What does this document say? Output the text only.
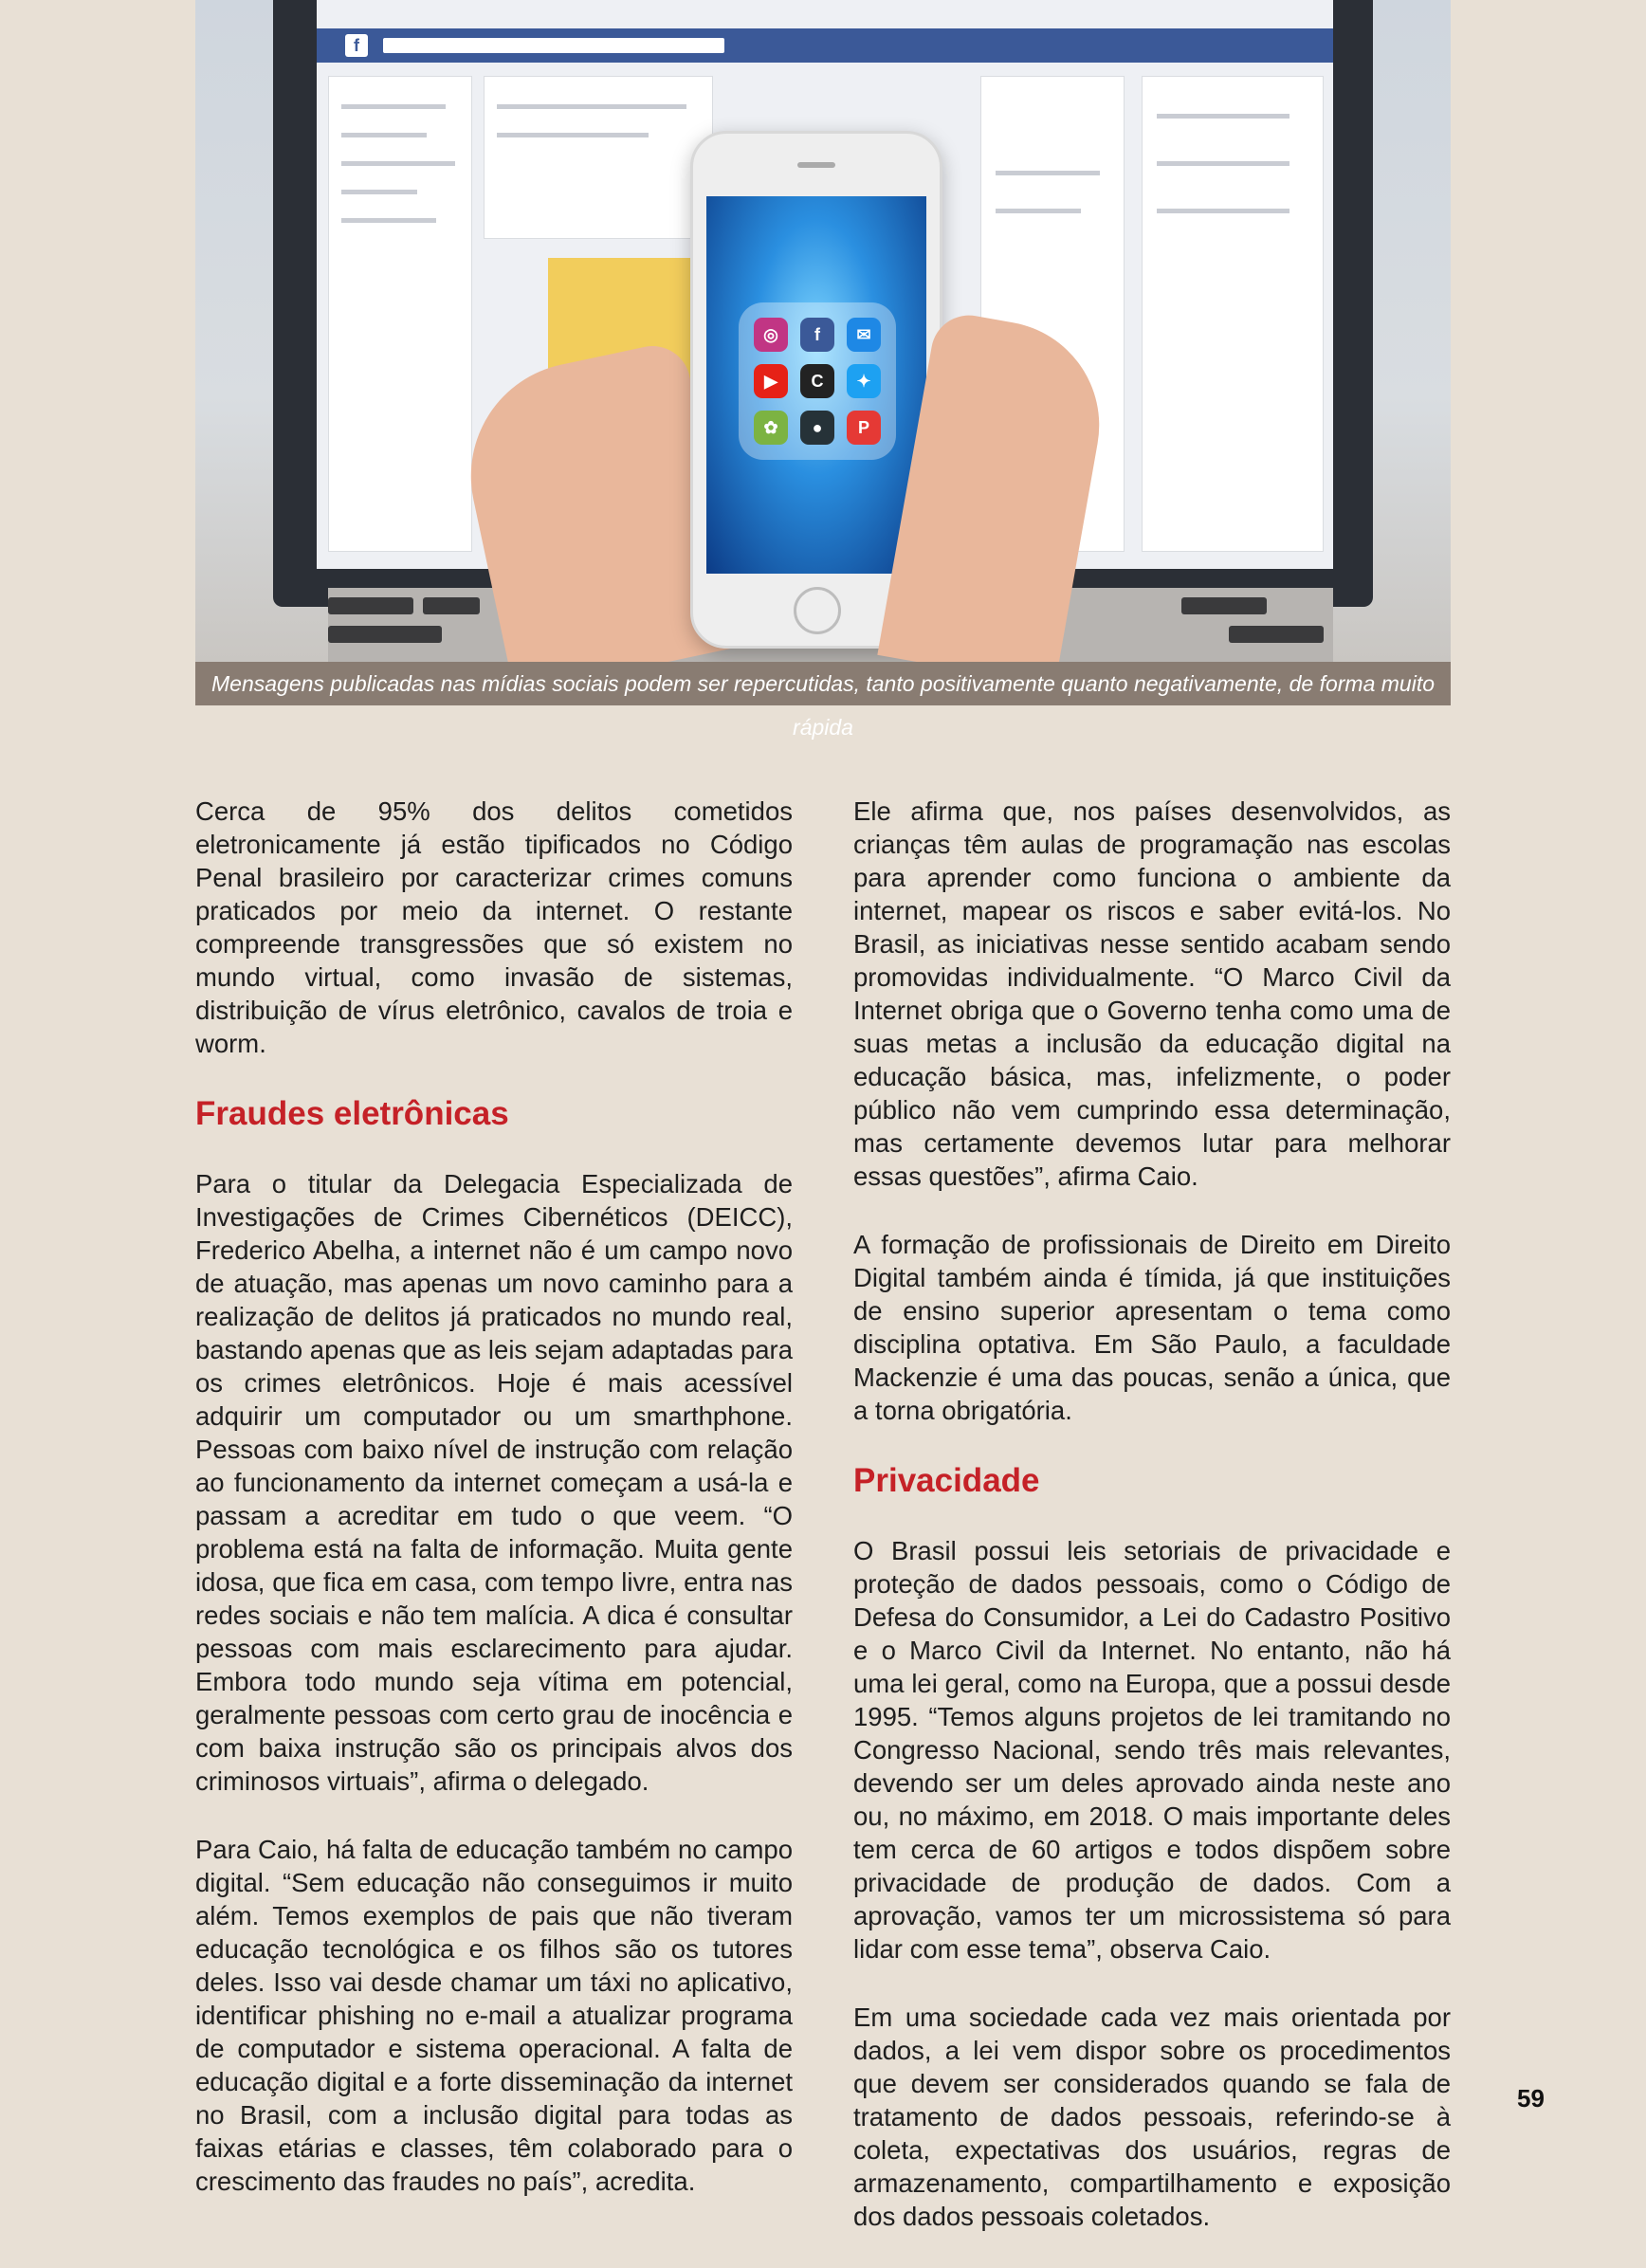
f
◎	f	✉
▶	C	✦
✿	●	P
Mensagens publicadas nas mídias sociais podem ser repercutidas, tanto positivamente quanto negativamente, de forma muito rápida

Cerca de 95% dos delitos cometidos eletronicamente já estão tipificados no Código Penal brasileiro por caracterizar crimes comuns praticados por meio da internet. O restante compreende transgressões que só existem no mundo virtual, como invasão de sistemas, distribuição de vírus eletrônico, cavalos de troia e worm.

Fraudes eletrônicas

Para o titular da Delegacia Especializada de Investigações de Crimes Cibernéticos (DEICC), Frederico Abelha, a internet não é um campo novo de atuação, mas apenas um novo caminho para a realização de delitos já praticados no mundo real, bastando apenas que as leis sejam adaptadas para os crimes eletrônicos. Hoje é mais acessível adquirir um computador ou um smarthphone. Pessoas com baixo nível de instrução com relação ao funcionamento da internet começam a usá-la e passam a acreditar em tudo o que veem. “O problema está na falta de informação. Muita gente idosa, que fica em casa, com tempo livre, entra nas redes sociais e não tem malícia. A dica é consultar pessoas com mais esclarecimento para ajudar. Embora todo mundo seja vítima em potencial, geralmente pessoas com certo grau de inocência e com baixa instrução são os principais alvos dos criminosos virtuais”, afirma o delegado.

Para Caio, há falta de educação também no campo digital. “Sem educação não conseguimos ir muito além. Temos exemplos de pais que não tiveram educação tecnológica e os filhos são os tutores deles. Isso vai desde chamar um táxi no aplicativo, identificar phishing no e-mail a atualizar programa de computador e sistema operacional. A falta de educação digital e a forte disseminação da internet no Brasil, com a inclusão digital para todas as faixas etárias e classes, têm colaborado para o crescimento das fraudes no país”, acredita.

Ele afirma que, nos países desenvolvidos, as crianças têm aulas de programação nas escolas para aprender como funciona o ambiente da internet, mapear os riscos e saber evitá-los. No Brasil, as iniciativas nesse sentido acabam sendo promovidas individualmente. “O Marco Civil da Internet obriga que o Governo tenha como uma de suas metas a inclusão da educação digital na educação básica, mas, infelizmente, o poder público não vem cumprindo essa determinação, mas certamente devemos lutar para melhorar essas questões”, afirma Caio.

A formação de profissionais de Direito em Direito Digital também ainda é tímida, já que instituições de ensino superior apresentam o tema como disciplina optativa. Em São Paulo, a faculdade Mackenzie é uma das poucas, senão a única, que a torna obrigatória.

Privacidade

O Brasil possui leis setoriais de privacidade e proteção de dados pessoais, como o Código de Defesa do Consumidor, a Lei do Cadastro Positivo e o Marco Civil da Internet. No entanto, não há uma lei geral, como na Europa, que a possui desde 1995. “Temos alguns projetos de lei tramitando no Congresso Nacional, sendo três mais relevantes, devendo ser um deles aprovado ainda neste ano ou, no máximo, em 2018. O mais importante deles tem cerca de 60 artigos e todos dispõem sobre privacidade de produção de dados. Com a aprovação, vamos ter um microssistema só para lidar com esse tema”, observa Caio.

Em uma sociedade cada vez mais orientada por dados, a lei vem dispor sobre os procedimentos que devem ser considerados quando se fala de tratamento de dados pessoais, referindo-se à coleta, expectativas dos usuários, regras de armazenamento, compartilhamento e exposição dos dados pessoais coletados.

59
